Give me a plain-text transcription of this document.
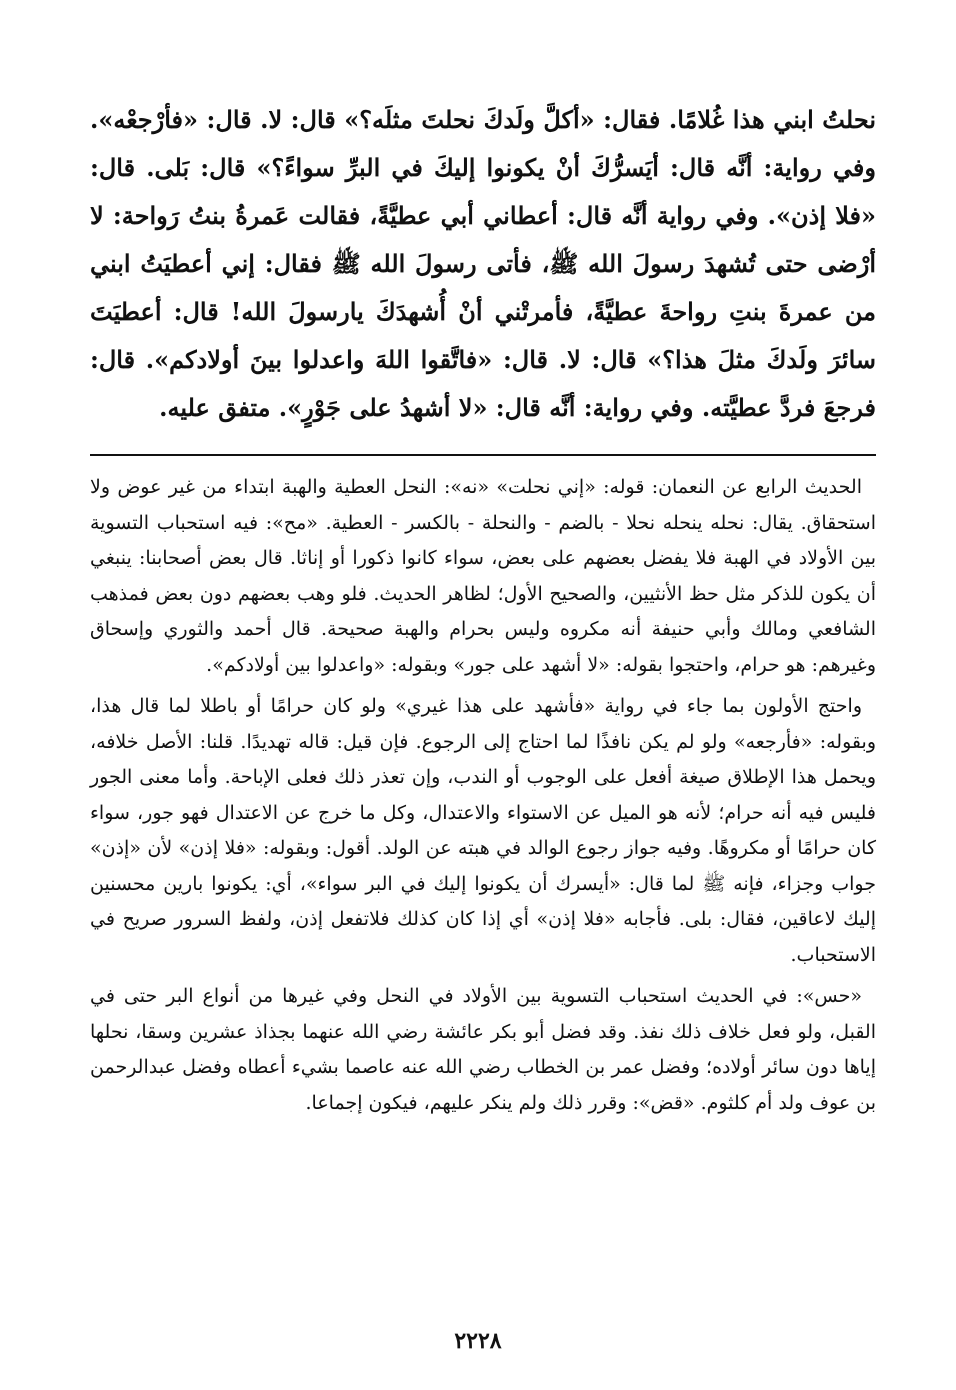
نحلتُ ابني هذا غُلامًا. فقال: «أكلَّ ولَدكَ نحلتَ مثلَه؟» قال: لا. قال: «فأرْجعْه». وفي رواية: أنَّه قال: أيَسرُّكَ أنْ يكونوا إليكَ في البرِّ سواءً؟» قال: بَلى. قال: «فلا إذن». وفي رواية أنَّه قال: أعطاني أبي عطيَّةً، فقالت عَمرةُ بنتُ رَواحة: لا أرْضى حتى تُشهدَ رسولَ الله ﷺ، فأتى رسولَ الله ﷺ فقال: إني أعطيَتُ ابني من عمرةَ بنتِ رواحةَ عطيَّةً، فأمرتْني أنْ أُشهدَكَ يارسولَ الله! قال: أعطيَتَ سائرَ ولَدكَ مثلَ هذا؟» قال: لا. قال: «فاتَّقوا اللهَ واعدلوا بينَ أولادكم». قال: فرجعَ فردَّ عطيَّته. وفي رواية: أنَّه قال: «لا أشهدُ على جَوْرٍ». متفق عليه.

الحديث الرابع عن النعمان: قوله: «إني نحلت» «نه»: النحل العطية والهبة ابتداء من غير عوض ولا استحقاق. يقال: نحله ينحله نحلا - بالضم - والنحلة - بالكسر - العطية. «مح»: فيه استحباب التسوية بين الأولاد في الهبة فلا يفضل بعضهم على بعض، سواء كانوا ذكورا أو إناثا. قال بعض أصحابنا: ينبغي أن يكون للذكر مثل حظ الأنثيين، والصحيح الأول؛ لظاهر الحديث. فلو وهب بعضهم دون بعض فمذهب الشافعي ومالك وأبي حنيفة أنه مكروه وليس بحرام والهبة صحيحة. قال أحمد والثوري وإسحاق وغيرهم: هو حرام، واحتجوا بقوله: «لا أشهد على جور» وبقوله: «واعدلوا بين أولادكم».

واحتج الأولون بما جاء في رواية «فأشهد على هذا غيري» ولو كان حرامًا أو باطلا لما قال هذا، وبقوله: «فأرجعه» ولو لم يكن نافذًا لما احتاج إلى الرجوع. فإن قيل: قاله تهديدًا. قلنا: الأصل خلافه، ويحمل هذا الإطلاق صيغة أفعل على الوجوب أو الندب، وإن تعذر ذلك فعلى الإباحة. وأما معنى الجور فليس فيه أنه حرام؛ لأنه هو الميل عن الاستواء والاعتدال، وكل ما خرج عن الاعتدال فهو جور، سواء كان حرامًا أو مكروهًا. وفيه جواز رجوع الوالد في هبته عن الولد. أقول: وبقوله: «فلا إذن» لأن «إذن» جواب وجزاء، فإنه ﷺ لما قال: «أيسرك أن يكونوا إليك في البر سواء»، أي: يكونوا بارين محسنين إليك لاعاقين، فقال: بلى. فأجابه «فلا إذن» أي إذا كان كذلك فلاتفعل إذن، ولفظ السرور صريح في الاستحباب.

«حس»: في الحديث استحباب التسوية بين الأولاد في النحل وفي غيرها من أنواع البر حتى في القبل، ولو فعل خلاف ذلك نفذ. وقد فضل أبو بكر عائشة رضي الله عنهما بجذاذ عشرين وسقا، نحلها إياها دون سائر أولاده؛ وفضل عمر بن الخطاب رضي الله عنه عاصما بشيء أعطاه وفضل عبدالرحمن بن عوف ولد أم كلثوم. «قض»: وقرر ذلك ولم ينكر عليهم، فيكون إجماعا.

٢٢٢٨
